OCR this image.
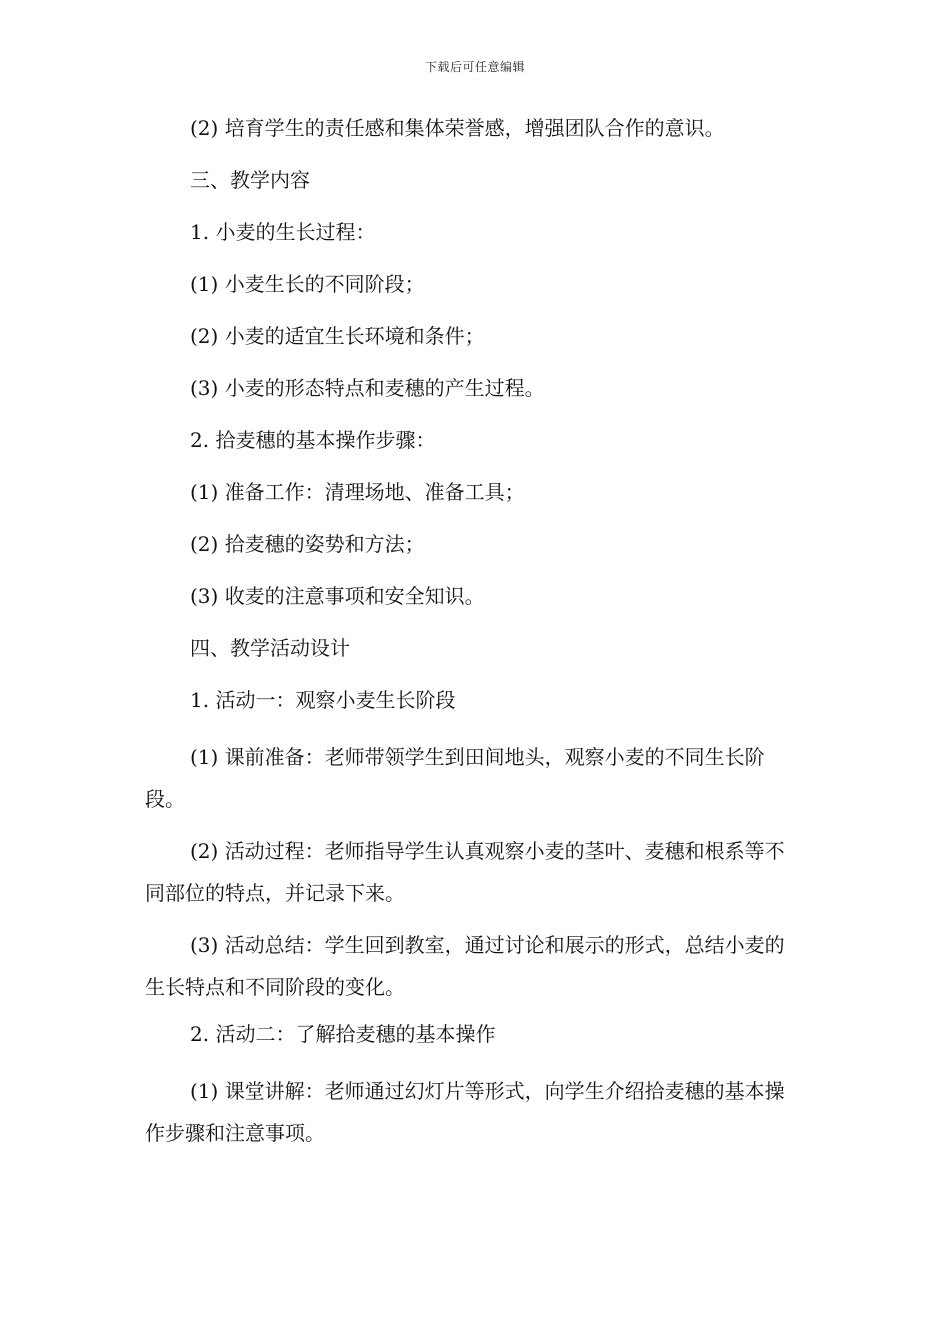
下载后可任意编辑

(2) 培育学生的责任感和集体荣誉感，增强团队合作的意识。

三、教学内容

1. 小麦的生长过程：

(1) 小麦生长的不同阶段；

(2) 小麦的适宜生长环境和条件；

(3) 小麦的形态特点和麦穗的产生过程。

2. 拾麦穗的基本操作步骤：

(1) 准备工作：清理场地、准备工具；

(2) 拾麦穗的姿势和方法；

(3) 收麦的注意事项和安全知识。

四、教学活动设计

1. 活动一：观察小麦生长阶段

(1) 课前准备：老师带领学生到田间地头，观察小麦的不同生长阶段。

(2) 活动过程：老师指导学生认真观察小麦的茎叶、麦穗和根系等不同部位的特点，并记录下来。

(3) 活动总结：学生回到教室，通过讨论和展示的形式，总结小麦的生长特点和不同阶段的变化。

2. 活动二：了解拾麦穗的基本操作

(1) 课堂讲解：老师通过幻灯片等形式，向学生介绍拾麦穗的基本操作步骤和注意事项。
